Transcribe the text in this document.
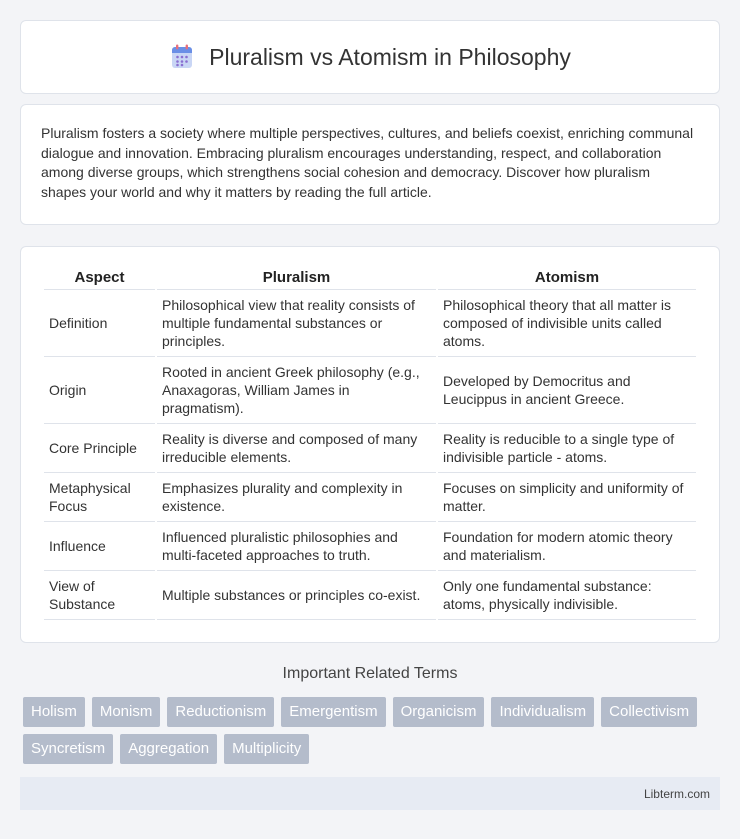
Pluralism vs Atomism in Philosophy

Pluralism fosters a society where multiple perspectives, cultures, and beliefs coexist, enriching communal dialogue and innovation. Embracing pluralism encourages understanding, respect, and collaboration among diverse groups, which strengthens social cohesion and democracy. Discover how pluralism shapes your world and why it matters by reading the full article.

Aspect	Pluralism	Atomism
Definition	Philosophical view that reality consists of multiple fundamental substances or principles.	Philosophical theory that all matter is composed of indivisible units called atoms.
Origin	Rooted in ancient Greek philosophy (e.g., Anaxagoras, William James in pragmatism).	Developed by Democritus and Leucippus in ancient Greece.
Core Principle	Reality is diverse and composed of many irreducible elements.	Reality is reducible to a single type of indivisible particle - atoms.
Metaphysical Focus	Emphasizes plurality and complexity in existence.	Focuses on simplicity and uniformity of matter.
Influence	Influenced pluralistic philosophies and multi-faceted approaches to truth.	Foundation for modern atomic theory and materialism.
View of Substance	Multiple substances or principles co-exist.	Only one fundamental substance: atoms, physically indivisible.
Important Related Terms
Holism	Monism	Reductionism	Emergentism	Organicism	Individualism	Collectivism
Syncretism	Aggregation	Multiplicity
Libterm.com
